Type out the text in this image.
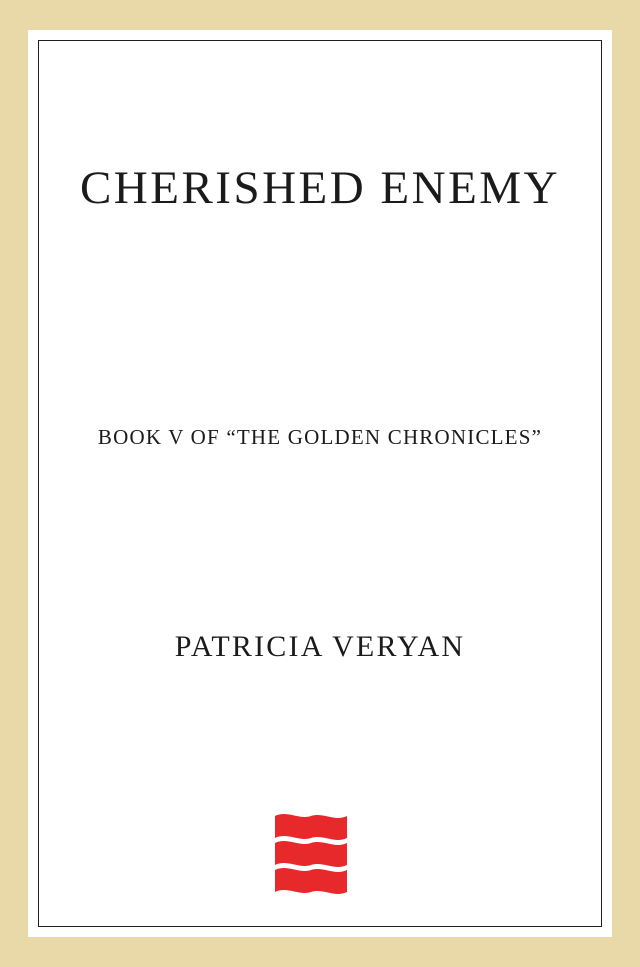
CHERISHED ENEMY

BOOK V OF “THE GOLDEN CHRONICLES”

PATRICIA VERYAN
